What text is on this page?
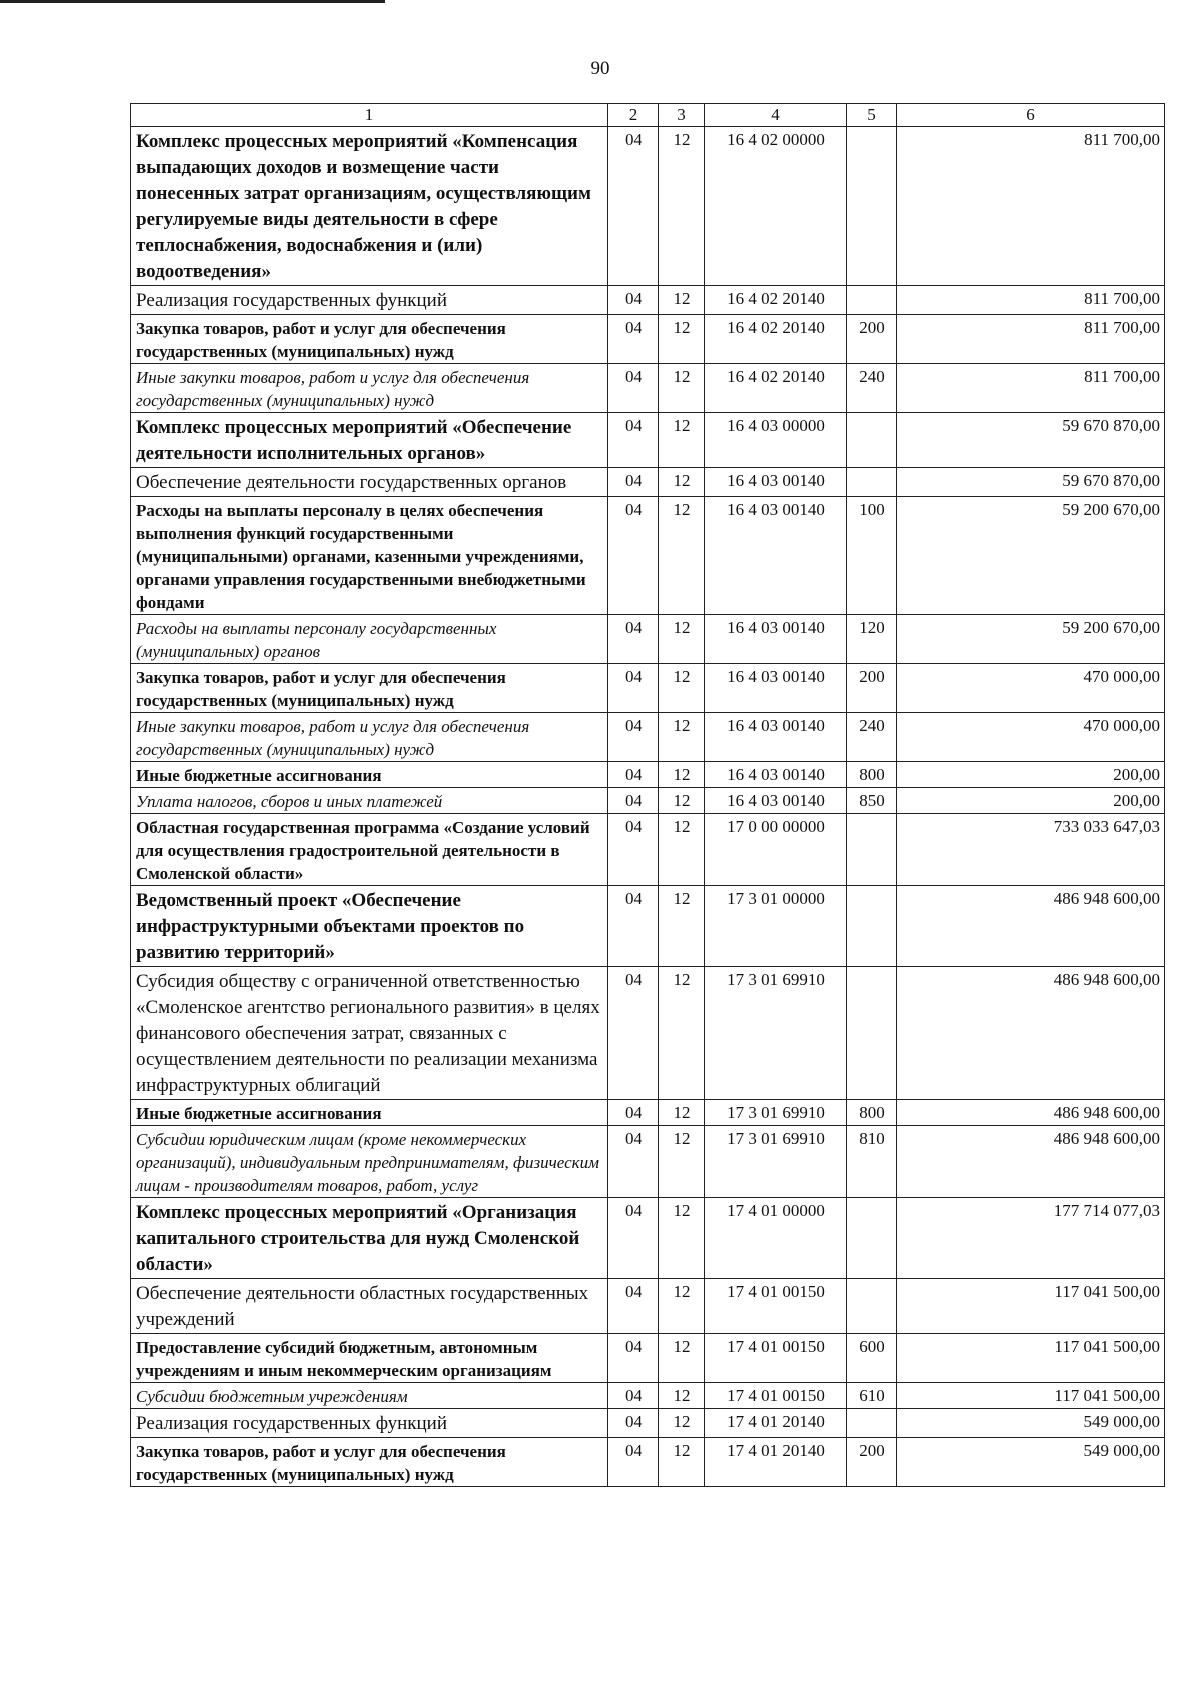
90
1	2	3	4	5	6
Комплекс процессных мероприятий «Компенсация выпадающих доходов и возмещение части понесенных затрат организациям, осуществляющим регулируемые виды деятельности в сфере теплоснабжения, водоснабжения и (или) водоотведения»	04	12	16 4 02 00000		811 700,00
Реализация государственных функций	04	12	16 4 02 20140		811 700,00
Закупка товаров, работ и услуг для обеспечения государственных (муниципальных) нужд	04	12	16 4 02 20140	200	811 700,00
Иные закупки товаров, работ и услуг для обеспечения государственных (муниципальных) нужд	04	12	16 4 02 20140	240	811 700,00
Комплекс процессных мероприятий «Обеспечение деятельности исполнительных органов»	04	12	16 4 03 00000		59 670 870,00
Обеспечение деятельности государственных органов	04	12	16 4 03 00140		59 670 870,00
Расходы на выплаты персоналу в целях обеспечения выполнения функций государственными (муниципальными) органами, казенными учреждениями, органами управления государственными внебюджетными фондами	04	12	16 4 03 00140	100	59 200 670,00
Расходы на выплаты персоналу государственных (муниципальных) органов	04	12	16 4 03 00140	120	59 200 670,00
Закупка товаров, работ и услуг для обеспечения государственных (муниципальных) нужд	04	12	16 4 03 00140	200	470 000,00
Иные закупки товаров, работ и услуг для обеспечения государственных (муниципальных) нужд	04	12	16 4 03 00140	240	470 000,00
Иные бюджетные ассигнования	04	12	16 4 03 00140	800	200,00
Уплата налогов, сборов и иных платежей	04	12	16 4 03 00140	850	200,00
Областная государственная программа «Создание условий для осуществления градостроительной деятельности в Смоленской области»	04	12	17 0 00 00000		733 033 647,03
Ведомственный проект «Обеспечение инфраструктурными объектами проектов по развитию территорий»	04	12	17 3 01 00000		486 948 600,00
Субсидия обществу с ограниченной ответственностью «Смоленское агентство регионального развития» в целях финансового обеспечения затрат, связанных с осуществлением деятельности по реализации механизма инфраструктурных облигаций	04	12	17 3 01 69910		486 948 600,00
Иные бюджетные ассигнования	04	12	17 3 01 69910	800	486 948 600,00
Субсидии юридическим лицам (кроме некоммерческих организаций), индивидуальным предпринимателям, физическим лицам - производителям товаров, работ, услуг	04	12	17 3 01 69910	810	486 948 600,00
Комплекс процессных мероприятий «Организация капитального строительства для нужд Смоленской области»	04	12	17 4 01 00000		177 714 077,03
Обеспечение деятельности областных государственных учреждений	04	12	17 4 01 00150		117 041 500,00
Предоставление субсидий бюджетным, автономным учреждениям и иным некоммерческим организациям	04	12	17 4 01 00150	600	117 041 500,00
Субсидии бюджетным учреждениям	04	12	17 4 01 00150	610	117 041 500,00
Реализация государственных функций	04	12	17 4 01 20140		549 000,00
Закупка товаров, работ и услуг для обеспечения государственных (муниципальных) нужд	04	12	17 4 01 20140	200	549 000,00
